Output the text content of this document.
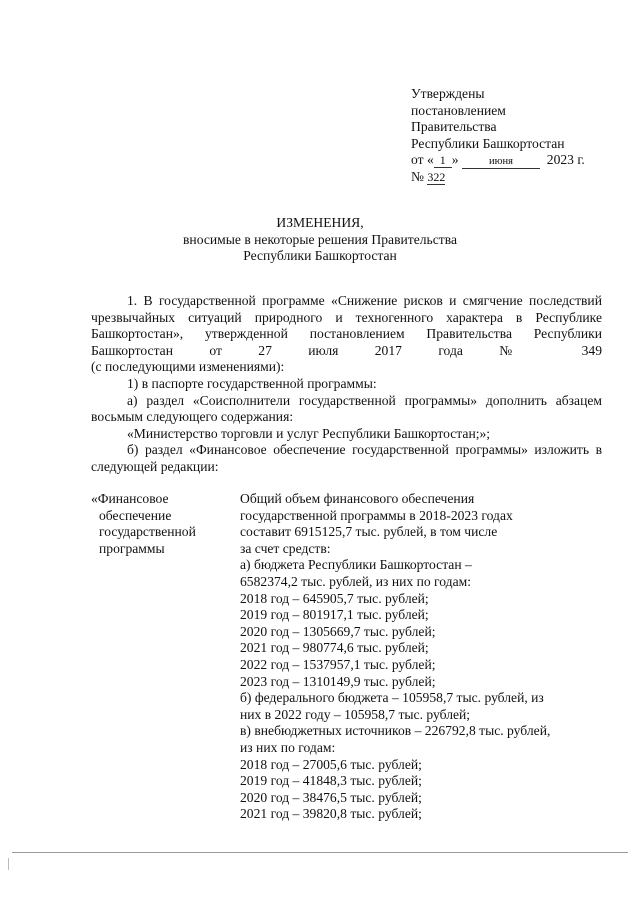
Утверждены
постановлением
Правительства
Республики Башкортостан
от « 1 »	июня 2023 г.
№ 322
ИЗМЕНЕНИЯ,
вносимые в некоторые решения Правительства
Республики Башкортостан

1. В государственной программе «Снижение рисков и смягчение последствий чрезвычайных ситуаций природного и техногенного характера в Республике Башкортостан», утвержденной постановлением Правительства Республики Башкортостан от 27 июля 2017 года № 349

(с последующими изменениями):

1) в паспорте государственной программы:

а) раздел «Соисполнители государственной программы» дополнить абзацем восьмым следующего содержания:

«Министерство торговли и услуг Республики Башкортостан;»;

б) раздел «Финансовое обеспечение государственной программы» изложить в следующей редакции:

«Финансовое
обеспечение
государственной
программы
Общий объем финансового обеспечения
государственной программы в 2018-2023 годах
составит 6915125,7 тыс. рублей, в том числе
за счет средств:
а) бюджета Республики Башкортостан –
6582374,2 тыс. рублей, из них по годам:
2018 год – 645905,7 тыс. рублей;
2019 год – 801917,1 тыс. рублей;
2020 год – 1305669,7 тыс. рублей;
2021 год – 980774,6 тыс. рублей;
2022 год – 1537957,1 тыс. рублей;
2023 год – 1310149,9 тыс. рублей;
б) федерального бюджета – 105958,7 тыс. рублей, из
них в 2022 году – 105958,7 тыс. рублей;
в) внебюджетных источников – 226792,8 тыс. рублей,
из них по годам:
2018 год – 27005,6 тыс. рублей;
2019 год – 41848,3 тыс. рублей;
2020 год – 38476,5 тыс. рублей;
2021 год – 39820,8 тыс. рублей;
